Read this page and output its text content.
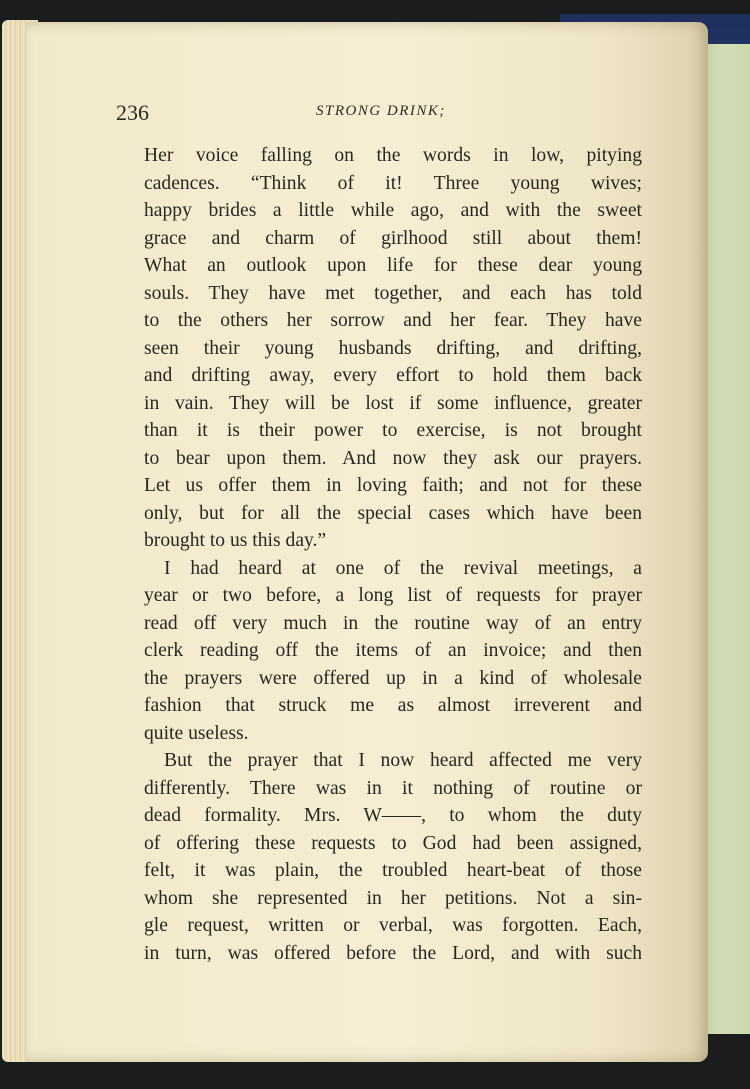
236	STRONG DRINK;
Her voice falling on the words in low, pitying
cadences. “Think of it! Three young wives;
happy brides a little while ago, and with the sweet
grace and charm of girlhood still about them!
What an outlook upon life for these dear young
souls. They have met together, and each has told
to the others her sorrow and her fear. They have
seen their young husbands drifting, and drifting,
and drifting away, every effort to hold them back
in vain. They will be lost if some influence, greater
than it is their power to exercise, is not brought
to bear upon them. And now they ask our prayers.
Let us offer them in loving faith; and not for these
only, but for all the special cases which have been
brought to us this day.”
I had heard at one of the revival meetings, a
year or two before, a long list of requests for prayer
read off very much in the routine way of an entry
clerk reading off the items of an invoice; and then
the prayers were offered up in a kind of wholesale
fashion that struck me as almost irreverent and
quite useless.
But the prayer that I now heard affected me very
differently. There was in it nothing of routine or
dead formality. Mrs. W——, to whom the duty
of offering these requests to God had been assigned,
felt, it was plain, the troubled heart-beat of those
whom she represented in her petitions. Not a sin-
gle request, written or verbal, was forgotten. Each,
in turn, was offered before the Lord, and with such
